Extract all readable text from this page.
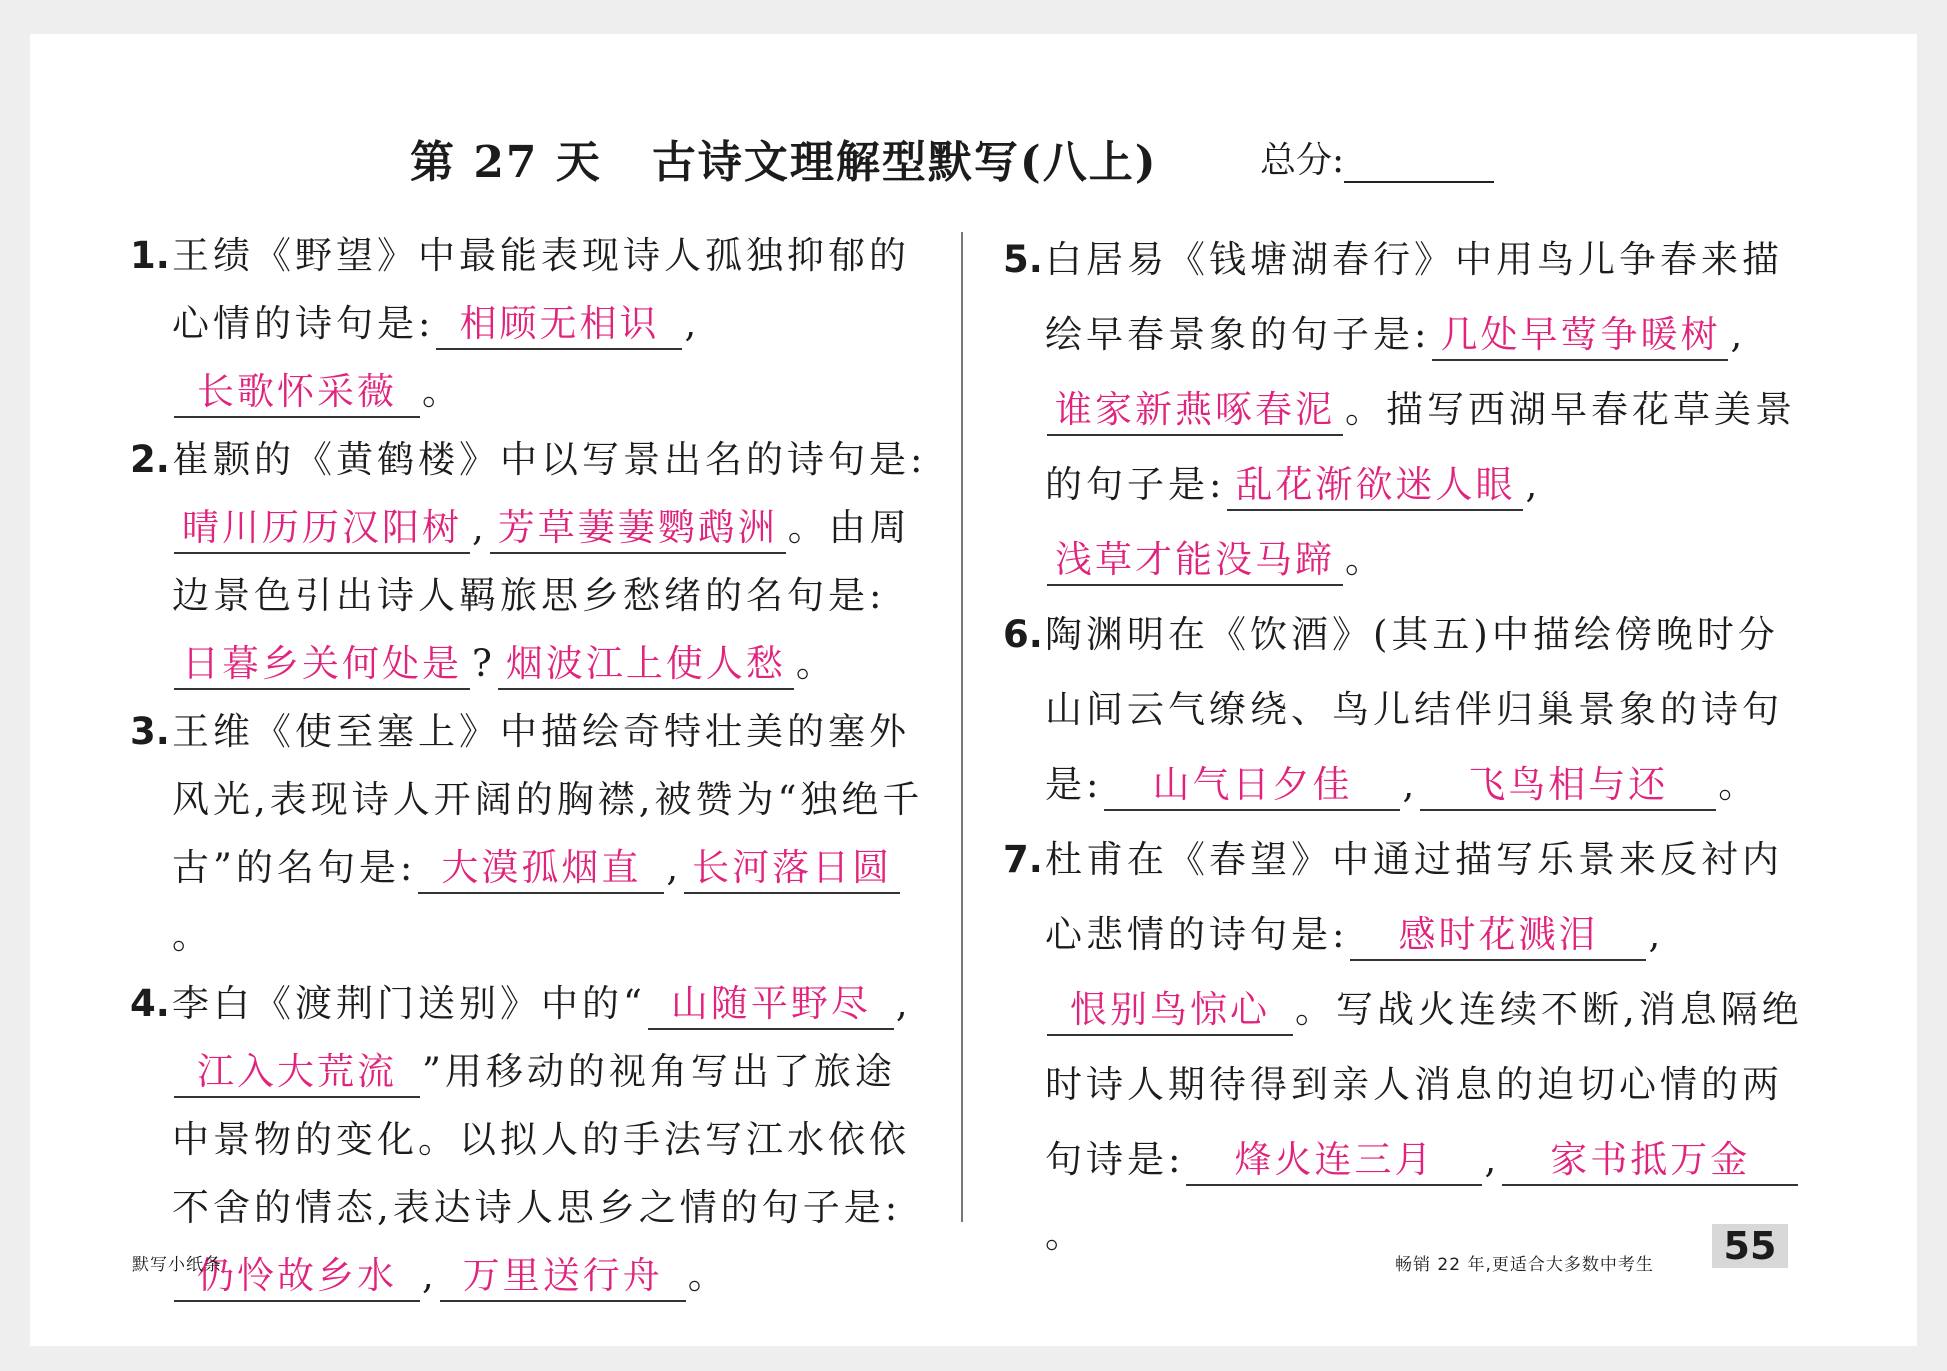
第 27 天 古诗文理解型默写(八上)	总分:
1. 王绩《野望》中最能表现诗人孤独抑郁的心情的诗句是: 相顾无相识 ,长歌怀采薇 。
2. 崔颢的《黄鹤楼》中以写景出名的诗句是:晴川历历汉阳树 , 芳草萋萋鹦鹉洲 。由周边景色引出诗人羁旅思乡愁绪的名句是:日暮乡关何处是 ? 烟波江上使人愁 。
3. 王维《使至塞上》中描绘奇特壮美的塞外风光,表现诗人开阔的胸襟,被赞为“独绝千古”的名句是: 大漠孤烟直 , 长河落日圆。
4. 李白《渡荆门送别》中的“ 山随平野尽 ,江入大荒流 ”用移动的视角写出了旅途中景物的变化。以拟人的手法写江水依依不舍的情态,表达诗人思乡之情的句子是:仍怜故乡水 , 万里送行舟 。
5. 白居易《钱塘湖春行》中用鸟儿争春来描绘早春景象的句子是: 几处早莺争暖树 ,谁家新燕啄春泥 。描写西湖早春花草美景的句子是: 乱花渐欲迷人眼 ,浅草才能没马蹄 。
6. 陶渊明在《饮酒》(其五)中描绘傍晚时分山间云气缭绕、鸟儿结伴归巢景象的诗句是: 山气日夕佳 , 飞鸟相与还 。
7. 杜甫在《春望》中通过描写乐景来反衬内心悲情的诗句是: 感时花溅泪 ,恨别鸟惊心 。写战火连续不断,消息隔绝时诗人期待得到亲人消息的迫切心情的两句诗是: 烽火连三月 , 家书抵万金。
默写小纸条	畅销 22 年,更适合大多数中考生	55
